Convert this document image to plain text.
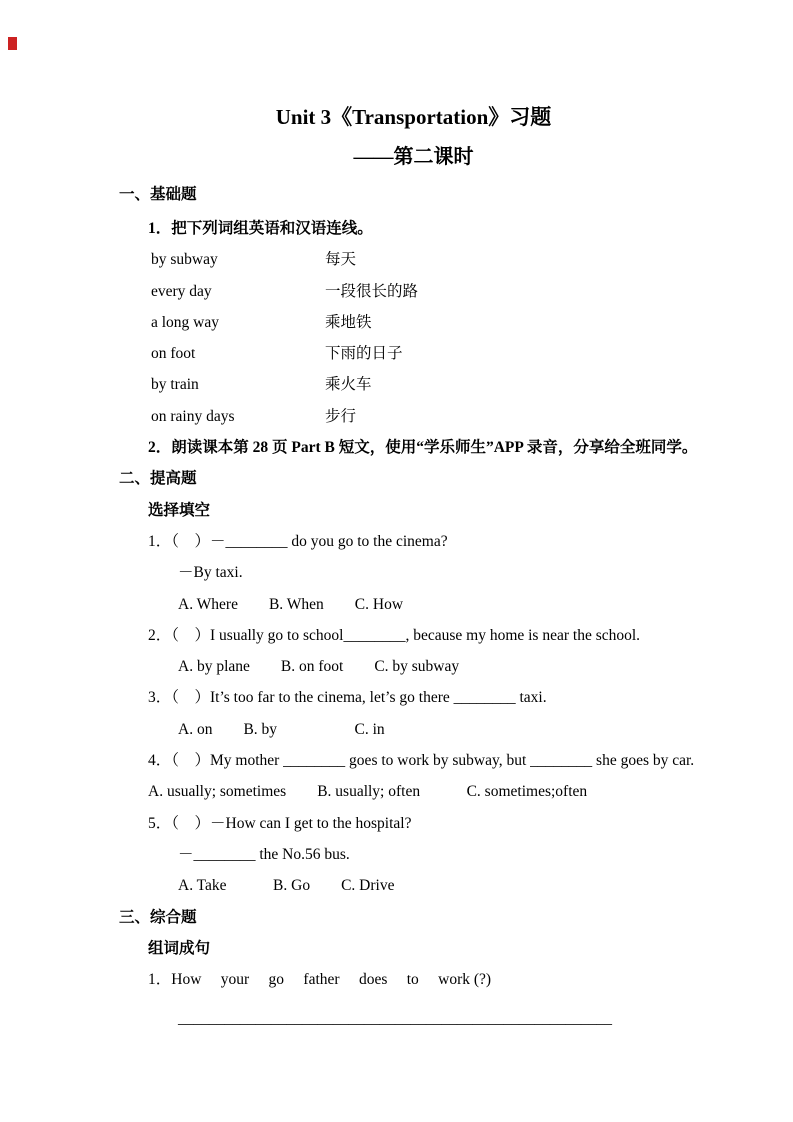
Unit 3《Transportation》习题
——第二课时
一、基础题
1．把下列词组英语和汉语连线。
by subway	每天
every day	一段很长的路
a long way	乘地铁
on foot	下雨的日子
by train	乘火车
on rainy days	步行
2．朗读课本第 28 页 Part B 短文，使用“学乐师生”APP 录音，分享给全班同学。
二、提高题
选择填空
1．（　）－________ do you go to the cinema?
－By taxi.
A. Where　　B. When　　C. How
2．（　）I usually go to school________, because my home is near the school.
A. by plane　　B. on foot　　C. by subway
3．（　）It’s too far to the cinema, let’s go there ________ taxi.
A. on　　B. by　　　　　C. in
4．（　）My mother ________ goes to work by subway, but ________ she goes by car.
A. usually; sometimes　　B. usually; often　　　C. sometimes;often
5．（　）－How can I get to the hospital?
－________ the No.56 bus.
A. Take　　　B. Go　　C. Drive
三、综合题
组词成句
1．How　 your　 go　 father　 does　 to　 work (?)
________________________________________________________
